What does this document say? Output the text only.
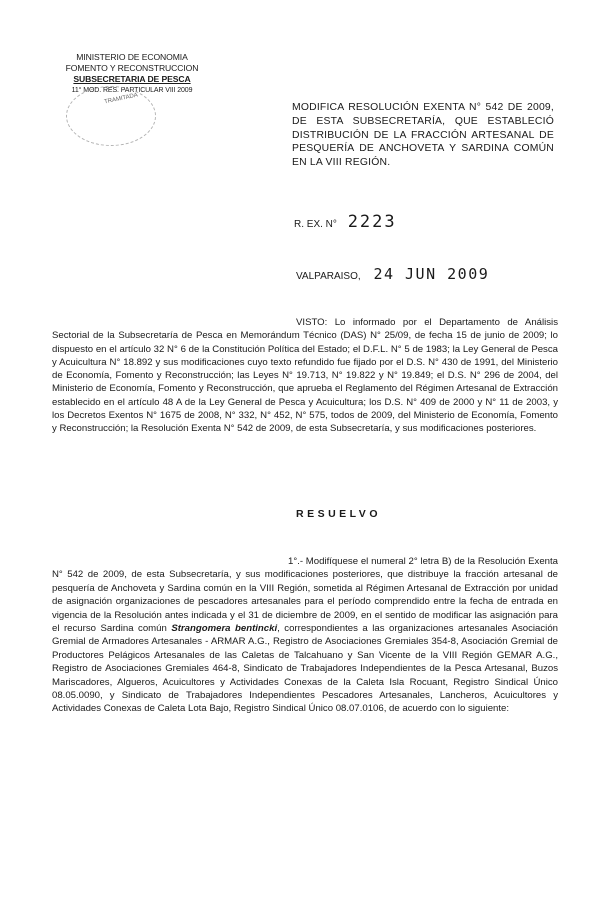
MINISTERIO DE ECONOMIA
FOMENTO Y RECONSTRUCCION
SUBSECRETARIA DE PESCA
11° MOD. RES. PARTICULAR VIII 2009
TRAMITADA
MODIFICA RESOLUCIÓN EXENTA N° 542 DE 2009, DE ESTA SUBSECRETARÍA, QUE ESTABLECIÓ DISTRIBUCIÓN DE LA FRACCIÓN ARTESANAL DE PESQUERÍA DE ANCHOVETA Y SARDINA COMÚN EN LA VIII REGIÓN.
R. EX. N° 2223
VALPARAISO, 24 JUN 2009

VISTO: Lo informado por el Departamento de Análisis Sectorial de la Subsecretaría de Pesca en Memorándum Técnico (DAS) N° 25/09, de fecha 15 de junio de 2009; lo dispuesto en el artículo 32 N° 6 de la Constitución Política del Estado; el D.F.L. N° 5 de 1983; la Ley General de Pesca y Acuicultura N° 18.892 y sus modificaciones cuyo texto refundido fue fijado por el D.S. N° 430 de 1991, del Ministerio de Economía, Fomento y Reconstrucción; las Leyes N° 19.713, N° 19.822 y N° 19.849; el D.S. N° 296 de 2004, del Ministerio de Economía, Fomento y Reconstrucción, que aprueba el Reglamento del Régimen Artesanal de Extracción establecido en el artículo 48 A de la Ley General de Pesca y Acuicultura; los D.S. N° 409 de 2000 y N° 11 de 2003, y los Decretos Exentos N° 1675 de 2008, N° 332, N° 452, N° 575, todos de 2009, del Ministerio de Economía, Fomento y Reconstrucción; la Resolución Exenta N° 542 de 2009, de esta Subsecretaría, y sus modificaciones posteriores.

RESUELVO

1°.- Modifíquese el numeral 2° letra B) de la Resolución Exenta N° 542 de 2009, de esta Subsecretaría, y sus modificaciones posteriores, que distribuye la fracción artesanal de pesquería de Anchoveta y Sardina común en la VIII Región, sometida al Régimen Artesanal de Extracción por unidad de asignación organizaciones de pescadores artesanales para el período comprendido entre la fecha de entrada en vigencia de la Resolución antes indicada y el 31 de diciembre de 2009, en el sentido de modificar las asignación para el recurso Sardina común Strangomera bentincki, correspondientes a las organizaciones artesanales Asociación Gremial de Armadores Artesanales - ARMAR A.G., Registro de Asociaciones Gremiales 354-8, Asociación Gremial de Productores Pelágicos Artesanales de las Caletas de Talcahuano y San Vicente de la VIII Región GEMAR A.G., Registro de Asociaciones Gremiales 464-8, Sindicato de Trabajadores Independientes de la Pesca Artesanal, Buzos Mariscadores, Algueros, Acuicultores y Actividades Conexas de la Caleta Isla Rocuant, Registro Sindical Único 08.05.0090, y Sindicato de Trabajadores Independientes Pescadores Artesanales, Lancheros, Acuicultores y Actividades Conexas de Caleta Lota Bajo, Registro Sindical Único 08.07.0106, de acuerdo con lo siguiente:
